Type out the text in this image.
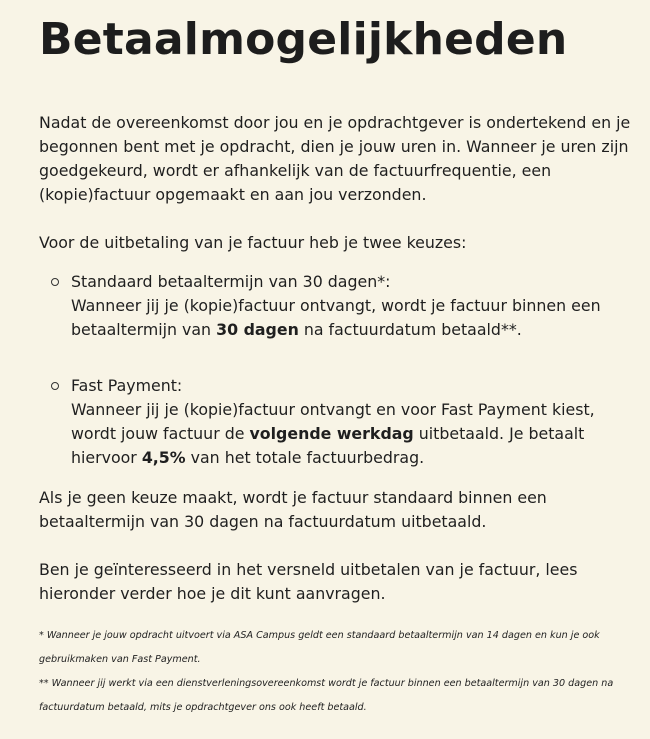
Betaalmogelijkheden

Nadat de overeenkomst door jou en je opdrachtgever is ondertekend en je begonnen bent met je opdracht, dien je jouw uren in. Wanneer je uren zijn goedgekeurd, wordt er afhankelijk van de factuurfrequentie, een (kopie)factuur opgemaakt en aan jou verzonden.

Voor de uitbetaling van je factuur heb je twee keuzes:

Standaard betaaltermijn van 30 dagen*:
Wanneer jij je (kopie)factuur ontvangt, wordt je factuur binnen een betaaltermijn van 30 dagen na factuurdatum betaald**.
Fast Payment:
Wanneer jij je (kopie)factuur ontvangt en voor Fast Payment kiest, wordt jouw factuur de volgende werkdag uitbetaald. Je betaalt hiervoor 4,5% van het totale factuurbedrag.

Als je geen keuze maakt, wordt je factuur standaard binnen een betaaltermijn van 30 dagen na factuurdatum uitbetaald.

Ben je geïnteresseerd in het versneld uitbetalen van je factuur, lees hieronder verder hoe je dit kunt aanvragen.

* Wanneer je jouw opdracht uitvoert via ASA Campus geldt een standaard betaaltermijn van 14 dagen en kun je ook gebruikmaken van Fast Payment.
** Wanneer jij werkt via een dienstverleningsovereenkomst wordt je factuur binnen een betaaltermijn van 30 dagen na factuurdatum betaald, mits je opdrachtgever ons ook heeft betaald.
